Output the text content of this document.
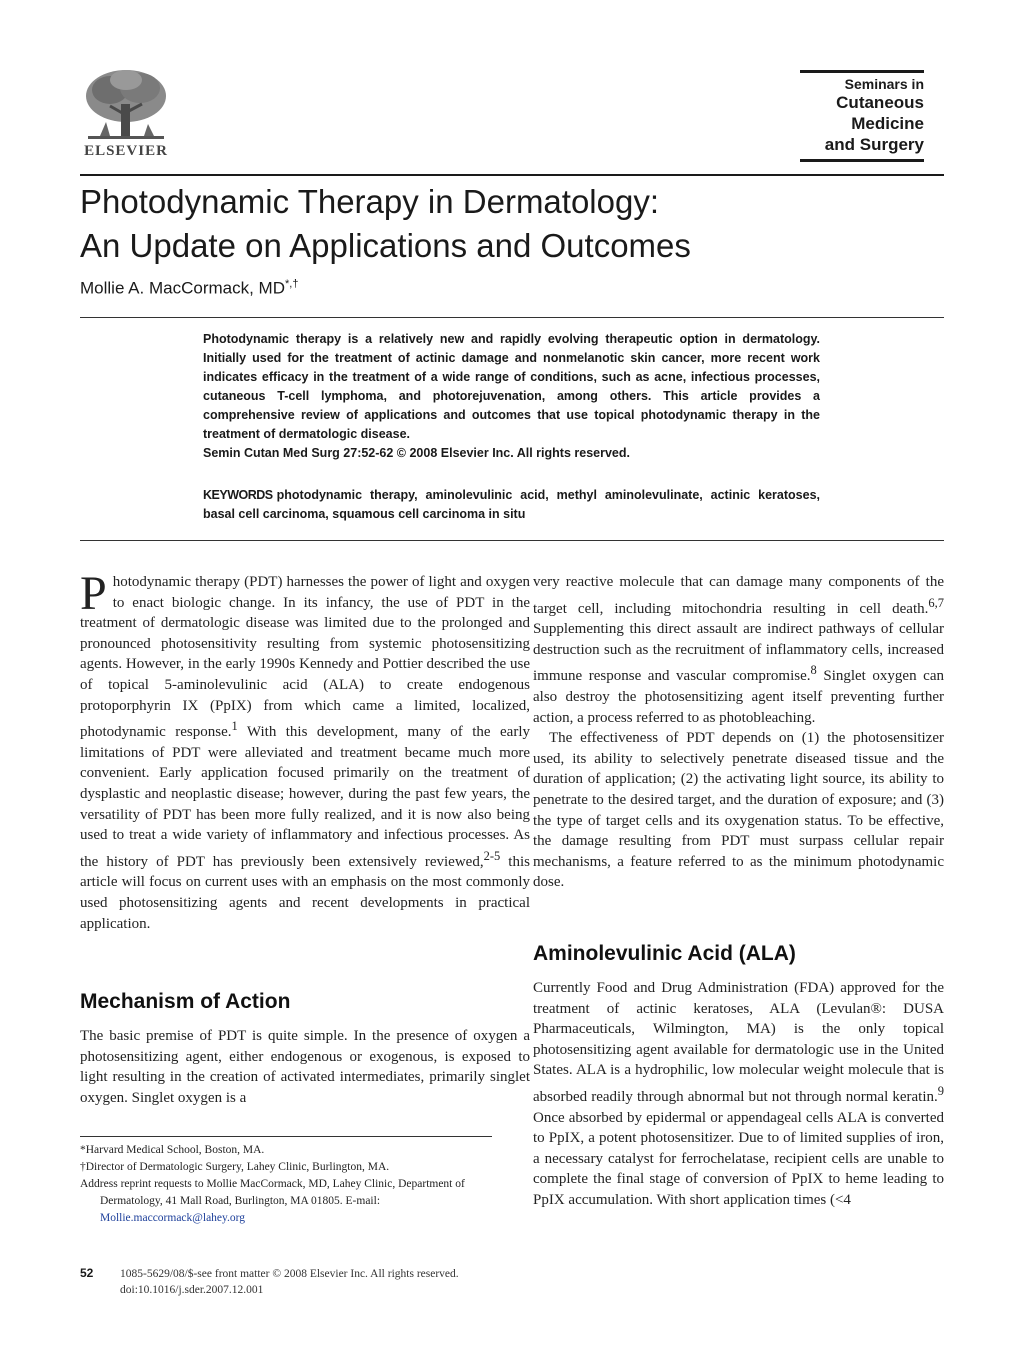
ELSEVIER
Seminars in
Cutaneous
Medicine
and Surgery
Photodynamic Therapy in Dermatology:
An Update on Applications and Outcomes
Mollie A. MacCormack, MD*,†
Photodynamic therapy is a relatively new and rapidly evolving therapeutic option in dermatology. Initially used for the treatment of actinic damage and nonmelanotic skin cancer, more recent work indicates efficacy in the treatment of a wide range of conditions, such as acne, infectious processes, cutaneous T-cell lymphoma, and photorejuvenation, among others. This article provides a comprehensive review of applications and outcomes that use topical photodynamic therapy in the treatment of dermatologic disease.
Semin Cutan Med Surg 27:52-62 © 2008 Elsevier Inc. All rights reserved.
KEYWORDS photodynamic therapy, aminolevulinic acid, methyl aminolevulinate, actinic keratoses, basal cell carcinoma, squamous cell carcinoma in situ

Photodynamic therapy (PDT) harnesses the power of light and oxygen to enact biologic change. In its infancy, the use of PDT in the treatment of dermatologic disease was limited due to the prolonged and pronounced photosensitivity resulting from systemic photosensitizing agents. However, in the early 1990s Kennedy and Pottier described the use of topical 5-aminolevulinic acid (ALA) to create endogenous protoporphyrin IX (PpIX) from which came a limited, localized, photodynamic response.$^1$ With this development, many of the early limitations of PDT were alleviated and treatment became much more convenient. Early application focused primarily on the treatment of dysplastic and neoplastic disease; however, during the past few years, the versatility of PDT has been more fully realized, and it is now also being used to treat a wide variety of inflammatory and infectious processes. As the history of PDT has previously been extensively reviewed,$^{2-5}$ this article will focus on current uses with an emphasis on the most commonly used photosensitizing agents and recent developments in practical application.

Mechanism of Action
The basic premise of PDT is quite simple. In the presence of oxygen a photosensitizing agent, either endogenous or exogenous, is exposed to light resulting in the creation of activated intermediates, primarily singlet oxygen. Singlet oxygen is a

very reactive molecule that can damage many components of the target cell, including mitochondria resulting in cell death.$^{6,7}$ Supplementing this direct assault are indirect pathways of cellular destruction such as the recruitment of inflammatory cells, increased immune response and vascular compromise.$^8$ Singlet oxygen can also destroy the photosensitizing agent itself preventing further action, a process referred to as photobleaching.

The effectiveness of PDT depends on (1) the photosensitizer used, its ability to selectively penetrate diseased tissue and the duration of application; (2) the activating light source, its ability to penetrate to the desired target, and the duration of exposure; and (3) the type of target cells and its oxygenation status. To be effective, the damage resulting from PDT must surpass cellular repair mechanisms, a feature referred to as the minimum photodynamic dose.

Aminolevulinic Acid (ALA)
Currently Food and Drug Administration (FDA) approved for the treatment of actinic keratoses, ALA (Levulan®: DUSA Pharmaceuticals, Wilmington, MA) is the only topical photosensitizing agent available for dermatologic use in the United States. ALA is a hydrophilic, low molecular weight molecule that is absorbed readily through abnormal but not through normal keratin.$^9$ Once absorbed by epidermal or appendageal cells ALA is converted to PpIX, a potent photosensitizer. Due to of limited supplies of iron, a necessary catalyst for ferrochelatase, recipient cells are unable to complete the final stage of conversion of PpIX to heme leading to PpIX accumulation. With short application times (<4

*Harvard Medical School, Boston, MA.

†Director of Dermatologic Surgery, Lahey Clinic, Burlington, MA.

Address reprint requests to Mollie MacCormack, MD, Lahey Clinic, Department of Dermatology, 41 Mall Road, Burlington, MA 01805. E-mail:
Mollie.maccormack@lahey.org

52 1085-5629/08/$-see front matter © 2008 Elsevier Inc. All rights reserved.
doi:10.1016/j.sder.2007.12.001
